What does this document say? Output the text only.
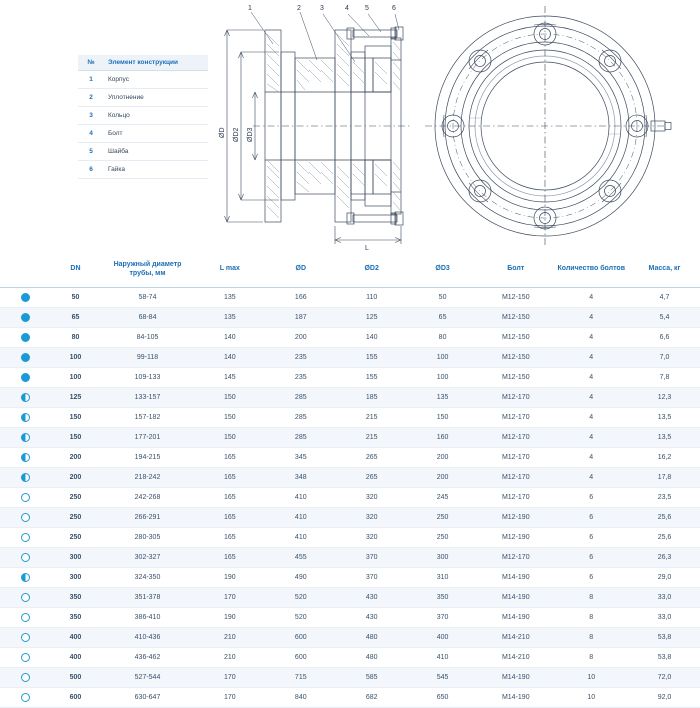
№	Элемент конструкции
1	Корпус
2	Уплотнение
3	Кольцо
4	Болт
5	Шайба
6	Гайка
1	2	3	4 5	6
ØD ØD2 ØD3
L
	DN	Наружный диаметр трубы, мм	L max	ØD	ØD2	ØD3	Болт	Количество болтов	Масса, кг
	50	58-74	135	166	110	50	М12-150	4	4,7
	65	68-84	135	187	125	65	М12-150	4	5,4
	80	84-105	140	200	140	80	М12-150	4	6,6
	100	99-118	140	235	155	100	М12-150	4	7,0
	100	109-133	145	235	155	100	М12-150	4	7,8
	125	133-157	150	285	185	135	М12-170	4	12,3
	150	157-182	150	285	215	150	М12-170	4	13,5
	150	177-201	150	285	215	160	М12-170	4	13,5
	200	194-215	165	345	265	200	М12-170	4	16,2
	200	218-242	165	348	265	200	М12-170	4	17,8
	250	242-268	165	410	320	245	М12-170	6	23,5
	250	266-291	165	410	320	250	М12-190	6	25,6
	250	280-305	165	410	320	250	М12-190	6	25,6
	300	302-327	165	455	370	300	М12-170	6	26,3
	300	324-350	190	490	370	310	М14-190	6	29,0
	350	351-378	170	520	430	350	М14-190	8	33,0
	350	386-410	190	520	430	370	М14-190	8	33,0
	400	410-436	210	600	480	400	М14-210	8	53,8
	400	436-462	210	600	480	410	М14-210	8	53,8
	500	527-544	170	715	585	545	М14-190	10	72,0
	600	630-647	170	840	682	650	М14-190	10	92,0
